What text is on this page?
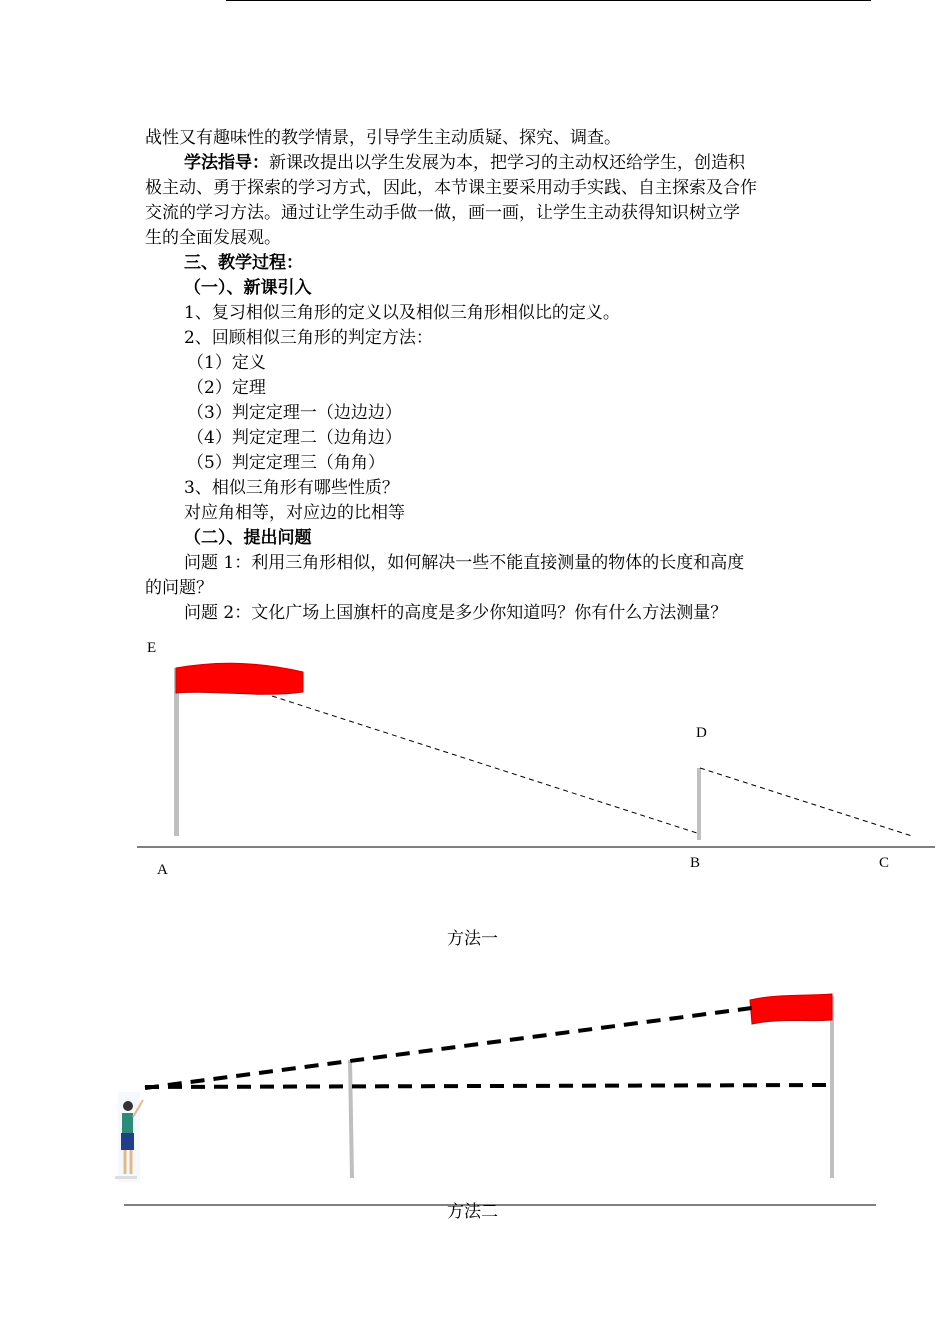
战性又有趣味性的教学情景，引导学生主动质疑、探究、调查。
学法指导：新课改提出以学生发展为本，把学习的主动权还给学生，创造积
极主动、勇于探索的学习方式，因此，本节课主要采用动手实践、自主探索及合作
交流的学习方法。通过让学生动手做一做，画一画，让学生主动获得知识树立学
生的全面发展观。
三、教学过程：
（一）、新课引入
1、复习相似三角形的定义以及相似三角形相似比的定义。
2、回顾相似三角形的判定方法：
（1）定义
（2）定理
（3）判定定理一（边边边）
（4）判定定理二（边角边）
（5）判定定理三（角角）
3、相似三角形有哪些性质？
对应角相等，对应边的比相等
（二）、提出问题
问题 1：利用三角形相似，如何解决一些不能直接测量的物体的长度和高度
的问题？
问题 2：文化广场上国旗杆的高度是多少你知道吗？你有什么方法测量？
E
D
A	B	C
方法一
方法二
